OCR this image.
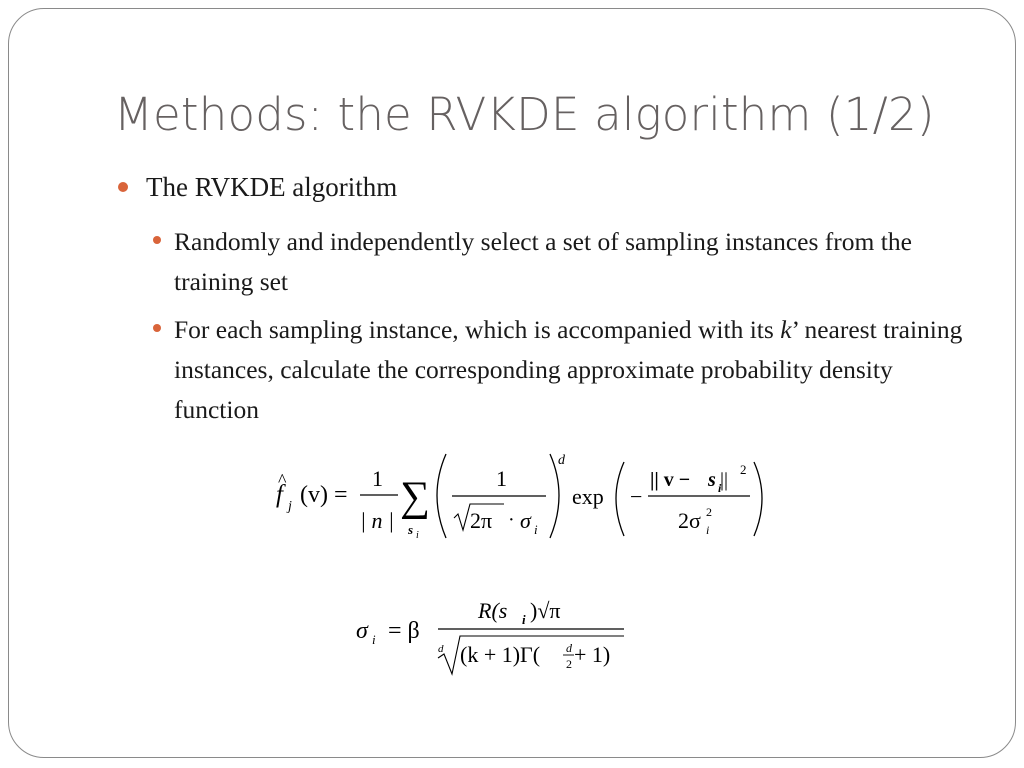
Methods: the RVKDE algorithm (1/2)
The RVKDE algorithm
Randomly and independently select a set of sampling instances from the training set
For each sampling instance, which is accompanied with its k’ nearest training instances, calculate the corresponding approximate probability density function
f
^
j (v) =
1
| n |
∑
s i
1
2π · σ i
d
exp −
|| v − s i
|| 2
2σ 2
i
σ i = β
R(s i )√π
d (k + 1)Γ( d
2 + 1)
